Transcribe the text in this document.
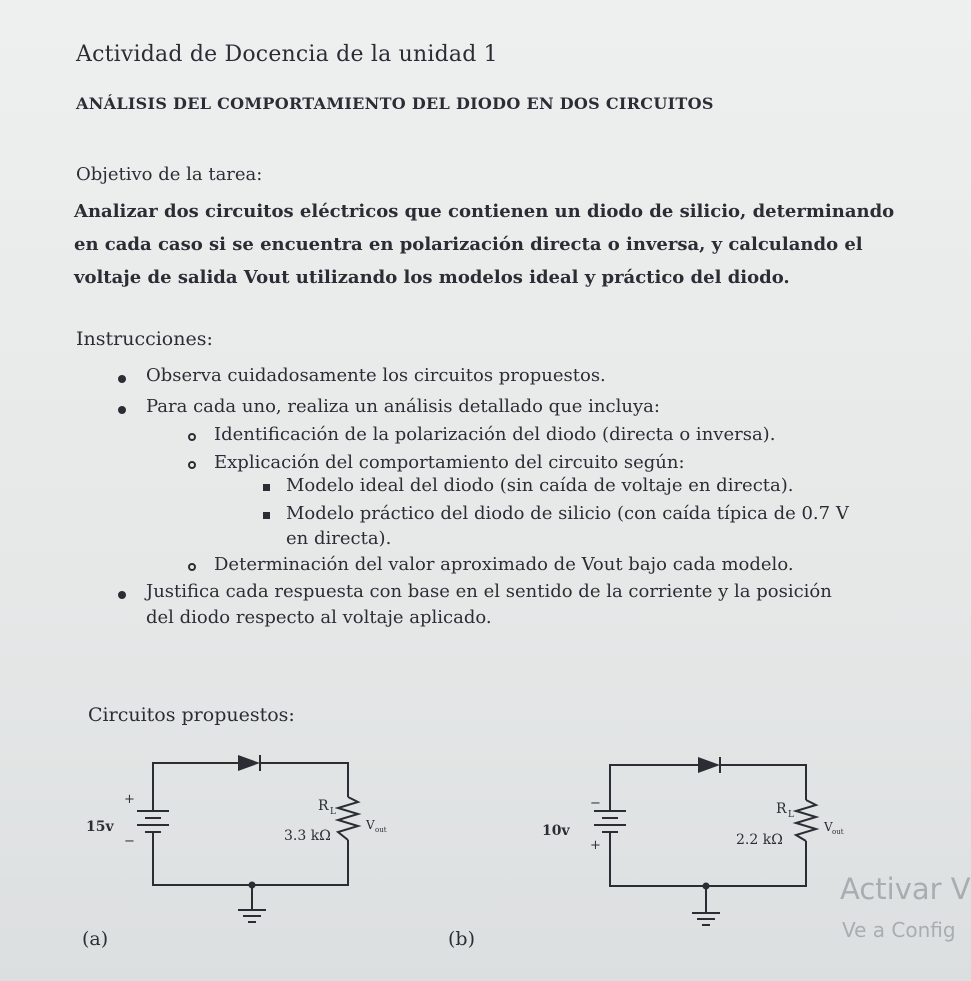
Actividad de Docencia de la unidad 1
ANÁLISIS DEL COMPORTAMIENTO DEL DIODO EN DOS CIRCUITOS
Objetivo de la tarea:
Analizar dos circuitos eléctricos que contienen un diodo de silicio, determinando en cada caso si se encuentra en polarización directa o inversa, y calculando el voltaje de salida Vout utilizando los modelos ideal y práctico del diodo.
Instrucciones:
Observa cuidadosamente los circuitos propuestos.
Para cada uno, realiza un análisis detallado que incluya:
Identificación de la polarización del diodo (directa o inversa).
Explicación del comportamiento del circuito según:
Modelo ideal del diodo (sin caída de voltaje en directa).
Modelo práctico del diodo de silicio (con caída típica de 0.7 V
en directa).
Determinación del valor aproximado de Vout bajo cada modelo.
Justifica cada respuesta con base en el sentido de la corriente y la posición
del diodo respecto al voltaje aplicado.
Circuitos propuestos:
+
−
15v
R L
3.3 kΩ
V out
(a)
−
+
10v
R L
2.2 kΩ
V out
(b)
Activar V
Ve a Config
